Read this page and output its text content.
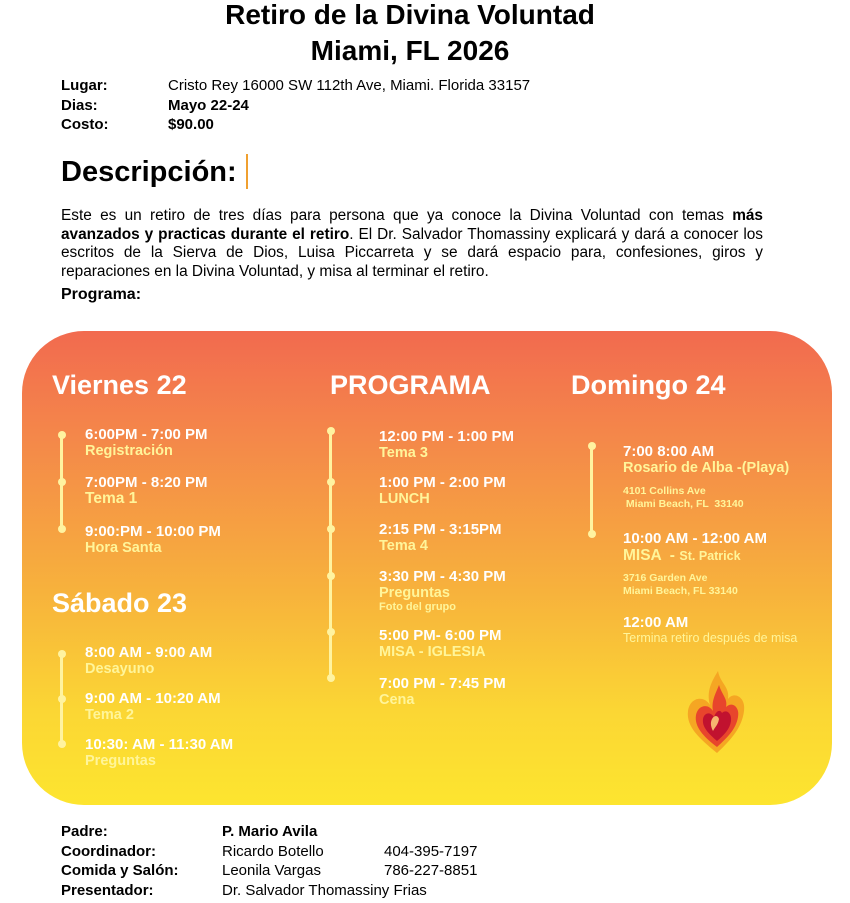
Retiro de la Divina Voluntad
Miami, FL 2026
Lugar:	Cristo Rey 16000 SW 112th Ave, Miami. Florida 33157
Dias:	Mayo 22-24
Costo:	$90.00
Descripción:
Este es un retiro de tres días para persona que ya conoce la Divina Voluntad con temas más avanzados y practicas durante el retiro. El Dr. Salvador Thomassiny explicará y dará a conocer los escritos de la Sierva de Dios, Luisa Piccarreta y se dará espacio para, confesiones, giros y reparaciones en la Divina Voluntad, y misa al terminar el retiro.
Programa:
Viernes 22
6:00PM - 7:00 PM
Registración
7:00PM - 8:20 PM
Tema 1
9:00:PM - 10:00 PM
Hora Santa
Sábado 23
8:00 AM - 9:00 AM
Desayuno
9:00 AM - 10:20 AM
Tema 2
10:30: AM - 11:30 AM
Preguntas
PROGRAMA
12:00 PM - 1:00 PM
Tema 3
1:00 PM - 2:00 PM
LUNCH
2:15 PM - 3:15PM
Tema 4
3:30 PM - 4:30 PM
Preguntas
Foto del grupo
5:00 PM- 6:00 PM
MISA - IGLESIA
7:00 PM - 7:45 PM
Cena
Domingo 24
7:00 8:00 AM
Rosario de Alba -(Playa)
4101 Collins Ave
Miami Beach, FL  33140
10:00 AM - 12:00 AM
MISA  - St. Patrick
3716 Garden Ave
Miami Beach, FL 33140
12:00 AM
Termina retiro después de misa
Padre:	P. Mario Avila
Coordinador:	Ricardo Botello	404-395-7197
Comida y Salón:	Leonila Vargas	786-227-8851
Presentador:	Dr. Salvador Thomassiny Frias
